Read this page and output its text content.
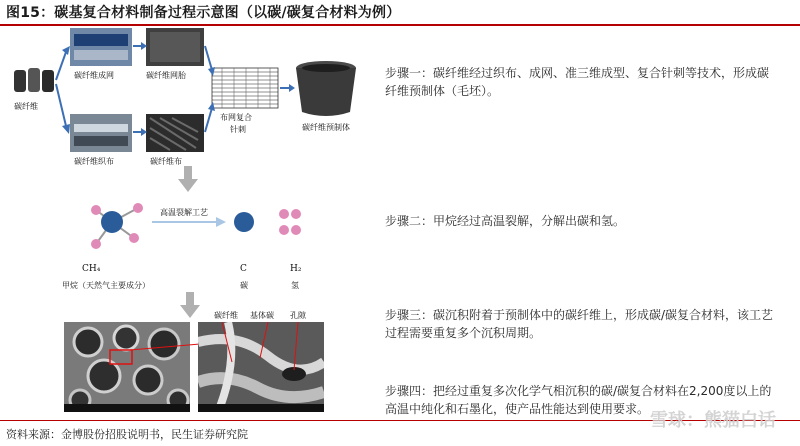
图15：碳基复合材料制备过程示意图（以碳/碳复合材料为例）
碳纤维
碳纤维成网	碳纤维网胎
碳纤维织布	碳纤维布
布网复合
针刺	碳纤维预制体
高温裂解工艺
CH₄
甲烷（天然气主要成分）
C
碳
H₂
氢
碳纤维 基体碳 孔隙
步骤一：碳纤维经过织布、成网、准三维成型、复合针刺等技术，形成碳纤维预制体（毛坯）。
步骤二：甲烷经过高温裂解，分解出碳和氢。
步骤三：碳沉积附着于预制体中的碳纤维上，形成碳/碳复合材料，该工艺过程需要重复多个沉积周期。
步骤四：把经过重复多次化学气相沉积的碳/碳复合材料在2,200度以上的高温中纯化和石墨化，使产品性能达到使用要求。
资料来源：金博股份招股说明书，民生证券研究院
雪球：熊猫白话
